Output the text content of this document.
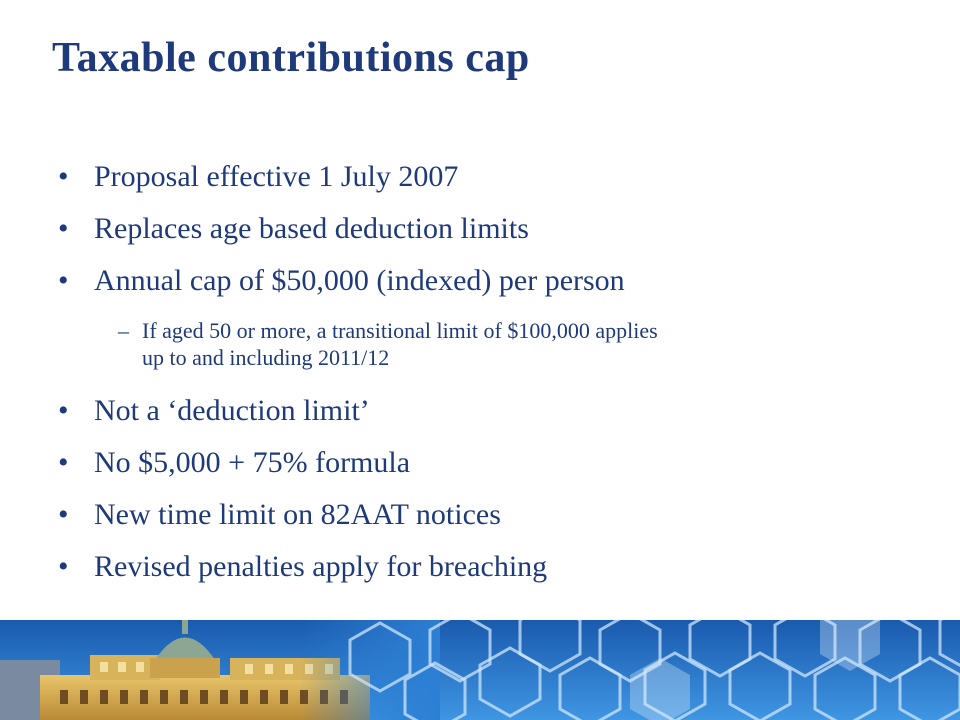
Taxable contributions cap
• Proposal effective 1 July 2007
• Replaces age based deduction limits
• Annual cap of $50,000 (indexed) per person
– If aged 50 or more, a transitional limit of $100,000 applies
up to and including 2011/12
• Not a ‘deduction limit’
• No $5,000 + 75% formula
• New time limit on 82AAT notices
• Revised penalties apply for breaching
